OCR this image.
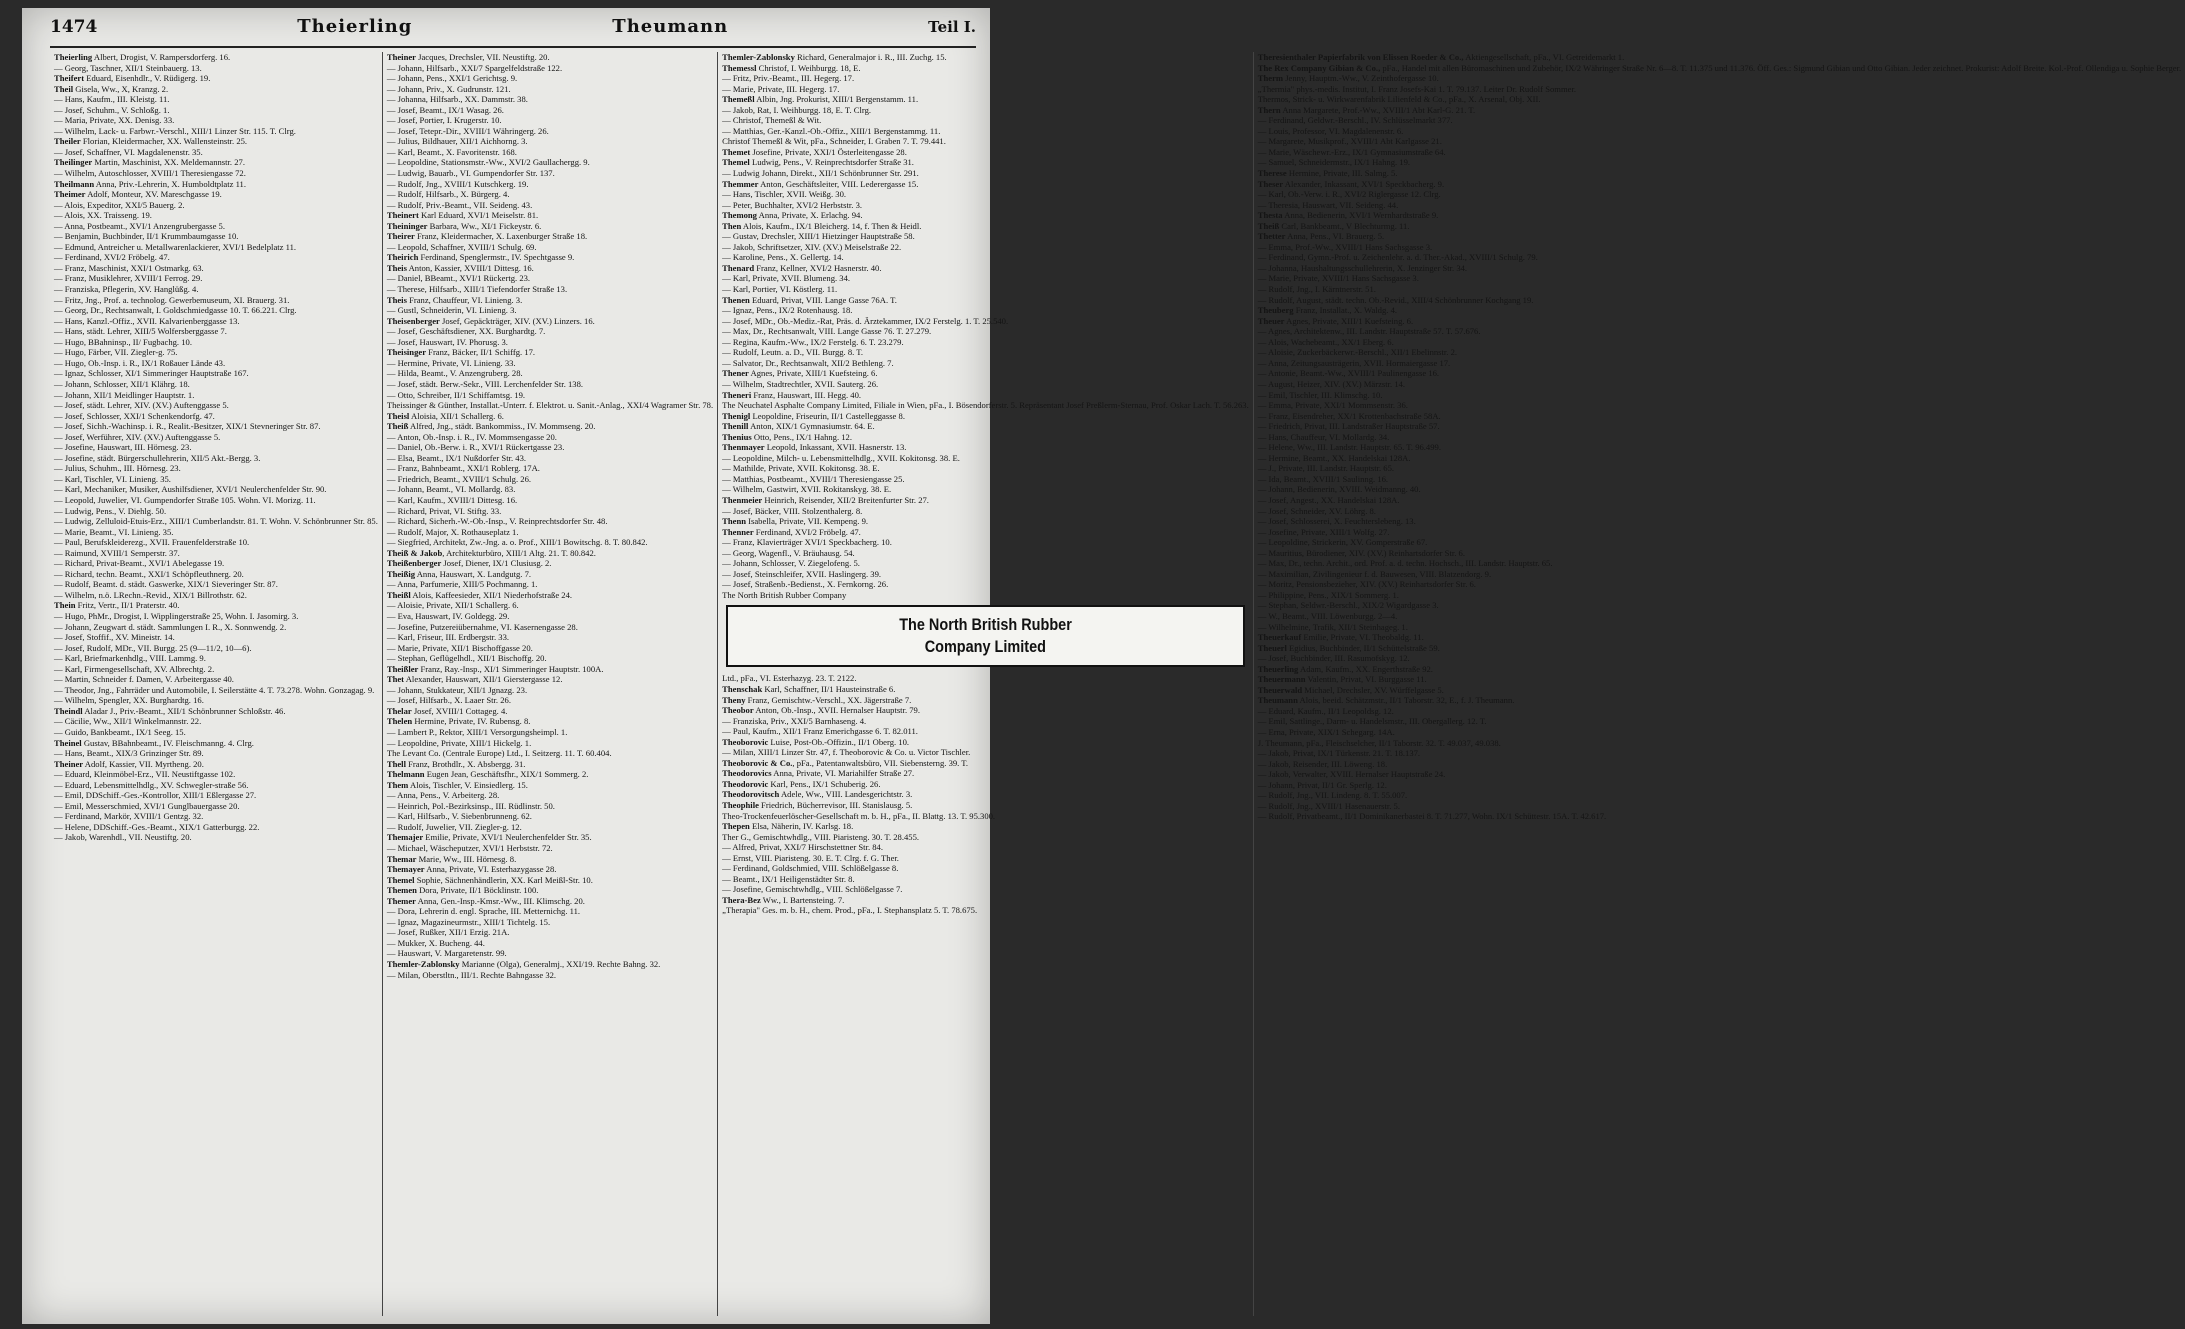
1474	Theierling	Theumann	Teil I.
Theierling Albert, Drogist, V. Rampersdorferg. 16.
— Georg, Taschner, XII/1 Steinbauerg. 13.
Theifert Eduard, Eisenhdlr., V. Rüdigerg. 19.
Theil Gisela, Ww., X, Kranzg. 2.
— Hans, Kaufm., III. Kleistg. 11.
— Josef, Schuhm., V. Schloßg. 1.
— Maria, Private, XX. Denisg. 33.
— Wilhelm, Lack- u. Farbwr.-Verschl., XIII/1 Linzer Str. 115. T. Clrg.
Theiler Florian, Kleidermacher, XX. Wallensteinstr. 25.
— Josef, Schaffner, VI. Magdalenenstr. 35.
Theilinger Martin, Maschinist, XX. Meldemannstr. 27.
— Wilhelm, Autoschlosser, XVIII/1 Theresiengasse 72.
Theilmann Anna, Priv.-Lehrerin, X. Humboldtplatz 11.
Theimer Adolf, Monteur, XV. Mareschgasse 19.
— Alois, Expeditor, XXI/5 Bauerg. 2.
— Alois, XX. Traisseng. 19.
— Anna, Postbeamt., XVI/1 Anzengrubergasse 5.
— Benjamin, Buchbinder, II/1 Krummbaumgasse 10.
— Edmund, Antreicher u. Metallwarenlackierer, XVI/1 Bedelplatz 11.
— Ferdinand, XVI/2 Fröbelg. 47.
— Franz, Maschinist, XXI/1 Ostmarkg. 63.
— Franz, Musiklehrer, XVIII/1 Ferrog. 29.
— Franziska, Pflegerin, XV. Hanglüßg. 4.
— Fritz, Jng., Prof. a. technolog. Gewerbemuseum, XI. Brauerg. 31.
— Georg, Dr., Rechtsanwalt, I. Goldschmiedgasse 10. T. 66.221. Clrg.
— Hans, Kanzl.-Offiz., XVII. Kalvarienberggasse 13.
— Hans, städt. Lehrer, XIII/5 Wolfersberggasse 7.
— Hugo, BBahninsp., II/ Fugbachg. 10.
— Hugo, Färber, VII. Ziegler-g. 75.
— Hugo, Ob.-Insp. i. R., IX/1 Roßauer Lände 43.
— Ignaz, Schlosser, XI/1 Simmeringer Hauptstraße 167.
— Johann, Schlosser, XII/1 Klährg. 18.
— Johann, XII/1 Meidlinger Hauptstr. 1.
— Josef, städt. Lehrer, XIV. (XV.) Auftenggasse 5.
— Josef, Schlosser, XXI/1 Schenkendorfg. 47.
— Josef, Sichh.-Wachinsp. i. R., Realit.-Besitzer, XIX/1 Stevneringer Str. 87.
— Josef, Werführer, XIV. (XV.) Auftenggasse 5.
— Josefine, Hauswart, III. Hörnesg. 23.
— Josefine, städt. Bürgerschullehrerin, XII/5 Akt.-Bergg. 3.
— Julius, Schuhm., III. Hörnesg. 23.
— Karl, Tischler, VI. Linieng. 35.
— Karl, Mechaniker, Musiker, Aushilfsdiener, XVI/1 Neulerchenfelder Str. 90.
— Leopold, Juwelier, VI. Gumpendorfer Straße 105. Wohn. VI. Morizg. 11.
— Ludwig, Pens., V. Diehlg. 50.
— Ludwig, Zelluloid-Etuis-Erz., XIII/1 Cumberlandstr. 81. T. Wohn. V. Schönbrunner Str. 85.
— Marie, Beamt., VI. Linieng. 35.
— Paul, Berufskleiderezg., XVII. Frauenfelderstraße 10.
— Raimund, XVIII/1 Semperstr. 37.
— Richard, Privat-Beamt., XVI/1 Abelegasse 19.
— Richard, techn. Beamt., XXI/1 Schöpfleuthnerg. 20.
— Rudolf, Beamt. d. städt. Gaswerke, XIX/1 Sieveringer Str. 87.
— Wilhelm, n.ö. LRechn.-Revid., XIX/1 Billrothstr. 62.
Thein Fritz, Vertr., II/1 Praterstr. 40.
— Hugo, PhMr., Drogist, I. Wipplingerstraße 25, Wohn. I. Jasomirg. 3.
— Johann, Zeugwart d. städt. Sammlungen I. R., X. Sonnwendg. 2.
— Josef, Stoffif., XV. Mineistr. 14.
— Josef, Rudolf, MDr., VII. Burgg. 25 (9—11/2, 10—6).
— Karl, Briefmarkenhdlg., VIII. Lammg. 9.
— Karl, Firmengesellschaft, XV. Albrechtg. 2.
— Martin, Schneider f. Damen, V. Arbeitergasse 40.
— Theodor, Jng., Fahrräder und Automobile, I. Seilerstätte 4. T. 73.278. Wohn. Gonzagag. 9.
— Wilhelm, Spengler, XX. Burghardtg. 16.
Theindl Aladar J., Priv.-Beamt., XII/1 Schönbrunner Schloßstr. 46.
— Cäcilie, Ww., XII/1 Winkelmannstr. 22.
— Guido, Bankbeamt., IX/1 Seeg. 15.
Theinel Gustav, BBahnbeamt., IV. Fleischmanng. 4. Clrg.
— Hans, Beamt., XIX/3 Grinzinger Str. 89.
Theiner Adolf, Kassier, VII. Myrtheng. 20.
— Eduard, Kleinmöbel-Erz., VII. Neustiftgasse 102.
— Eduard, Lebensmittelhdlg., XV. Schwegler-straße 56.
— Emil, DDSchiff.-Ges.-Kontrollor, XIII/1 Eßlergasse 27.
— Emil, Messerschmied, XVI/1 Gunglbauergasse 20.
— Ferdinand, Markör, XVIII/1 Gentzg. 32.
— Helene, DDSchiff.-Ges.-Beamt., XIX/1 Gatterburgg. 22.
— Jakob, Warenhdl., VII. Neustiftg. 20.
Theiner Jacques, Drechsler, VII. Neustiftg. 20.
— Johann, Hilfsarb., XXI/7 Spargelfeldstraße 122.
— Johann, Pens., XXI/1 Gerichtsg. 9.
— Johann, Priv., X. Gudrunstr. 121.
— Johanna, Hilfsarb., XX. Dammstr. 38.
— Josef, Beamt., IX/1 Wasag. 26.
— Josef, Portier, I. Krugerstr. 10.
— Josef, Tetepr.-Dir., XVIII/1 Währingerg. 26.
— Julius, Bildhauer, XII/1 Aichhorng. 3.
— Karl, Beamt., X. Favoritenstr. 168.
— Leopoldine, Stationsmstr.-Ww., XVI/2 Gaullachergg. 9.
— Ludwig, Bauarb., VI. Gumpendorfer Str. 137.
— Rudolf, Jng., XVIII/1 Kutschkerg. 19.
— Rudolf, Hilfsarb., X. Bürgerg. 4.
— Rudolf, Priv.-Beamt., VII. Seideng. 43.
Theinert Karl Eduard, XVI/1 Meiselstr. 81.
Theininger Barbara, Ww., XI/1 Fickeystr. 6.
Theirer Franz, Kleidermacher, X. Laxenburger Straße 18.
— Leopold, Schaffner, XVIII/1 Schulg. 69.
Theirich Ferdinand, Spenglermstr., IV. Spechtgasse 9.
Theis Anton, Kassier, XVIII/1 Dittesg. 16.
— Daniel, BBeamt., XVI/1 Rückertg. 23.
— Therese, Hilfsarb., XIII/1 Tiefendorfer Straße 13.
Theis Franz, Chauffeur, VI. Linieng. 3.
— Gustl, Schneiderin, VI. Linieng. 3.
Theisenberger Josef, Gepäckträger, XIV. (XV.) Linzers. 16.
— Josef, Geschäftsdiener, XX. Burghardtg. 7.
— Josef, Hauswart, IV. Phorusg. 3.
Theisinger Franz, Bäcker, II/1 Schiffg. 17.
— Hermine, Private, VI. Linieng. 33.
— Hilda, Beamt., V. Anzengruberg. 28.
— Josef, städt. Berw.-Sekr., VIII. Lerchenfelder Str. 138.
— Otto, Schreiber, II/1 Schiffamtsg. 19.
Theissinger & Günther, Installat.-Unterr. f. Elektrot. u. Sanit.-Anlag., XXI/4 Wagramer Str. 78.
Theisl Aloisia, XII/1 Schallerg. 6.
Theiß Alfred, Jng., städt. Bankommiss., IV. Mommseng. 20.
— Anton, Ob.-Insp. i. R., IV. Mommsengasse 20.
— Daniel, Ob.-Berw. i. R., XVI/1 Rückertgasse 23.
— Elsa, Beamt., IX/1 Nußdorfer Str. 43.
— Franz, Bahnbeamt., XXI/1 Roblerg. 17A.
— Friedrich, Beamt., XVIII/1 Schulg. 26.
— Johann, Beamt., VI. Mollardg. 83.
— Karl, Kaufm., XVIII/1 Dittesg. 16.
— Richard, Privat, VI. Stiftg. 33.
— Richard, Sicherh.-W.-Ob.-Insp., V. Reinprechtsdorfer Str. 48.
— Rudolf, Major, X. Rothauseplatz 1.
— Siegfried, Architekt, Zw.-Jng. a. o. Prof., XIII/1 Bowitschg. 8. T. 80.842.
Theiß & Jakob, Architekturbüro, XIII/1 Altg. 21. T. 80.842.
Theißenberger Josef, Diener, IX/1 Clusiusg. 2.
Theißig Anna, Hauswart, X. Landgutg. 7.
— Anna, Parfumerie, XIII/5 Pochmanng. 1.
Theißl Alois, Kaffeesieder, XII/1 Niederhofstraße 24.
— Aloisie, Private, XII/1 Schallerg. 6.
— Eva, Hauswart, IV. Goldegg. 29.
— Josefine, Putzereiübernahme, VI. Kasernengasse 28.
— Karl, Friseur, III. Erdbergstr. 33.
— Marie, Private, XII/1 Bischoffgasse 20.
— Stephan, Geflügelhdl., XII/1 Bischoffg. 20.
Theißler Franz, Ray.-Insp., XI/1 Simmeringer Hauptstr. 100A.
Thet Alexander, Hauswart, XII/1 Gierstergasse 12.
— Johann, Stukkateur, XII/1 Jgnazg. 23.
— Josef, Hilfsarb., X. Laaer Str. 26.
Thelar Josef, XVIII/1 Cottageg. 4.
Thelen Hermine, Private, IV. Rubensg. 8.
— Lambert P., Rektor, XIII/1 Versorgungsheimpl. 1.
— Leopoldine, Private, XIII/1 Hickelg. 1.
The Levant Co. (Centrale Europe) Ltd., I. Seitzerg. 11. T. 60.404.
Thell Franz, Brothdlr., X. Absbergg. 31.
Thelmann Eugen Jean, Geschäftsfhr., XIX/1 Sommerg. 2.
Them Alois, Tischler, V. Einsiedlerg. 15.
— Anna, Pens., V. Arbeiterg. 28.
— Heinrich, Pol.-Bezirksinsp., III. Rüdlinstr. 50.
— Karl, Hilfsarb., V. Siebenbrunneng. 62.
— Rudolf, Juwelier, VII. Ziegler-g. 12.
Themajer Emilie, Private, XVI/1 Neulerchenfelder Str. 35.
— Michael, Wäscheputzer, XVI/1 Herbststr. 72.
Themar Marie, Ww., III. Hörnesg. 8.
Themayer Anna, Private, VI. Esterhazygasse 28.
Themel Sophie, Sächnenhändlerin, XX. Karl Meißl-Str. 10.
Themen Dora, Private, II/1 Böcklinstr. 100.
Themer Anna, Gen.-Insp.-Kmsr.-Ww., III. Klimschg. 20.
— Dora, Lehrerin d. engl. Sprache, III. Metternichg. 11.
— Ignaz, Magazineurmstr., XIII/1 Tichtelg. 15.
— Josef, Rußker, XII/1 Erzig. 21A.
— Mukker, X. Bucheng. 44.
— Hauswart, V. Margaretenstr. 99.
Themler-Zablonsky Marianne (Olga), Generalmj., XXI/19. Rechte Bahng. 32.
— Milan, Oberstltn., III/1. Rechte Bahngasse 32.
Themler-Zablonsky Richard, Generalmajor i. R., III. Zuchg. 15.
Themessl Christof, I. Weihburgg. 18, E.
— Fritz, Priv.-Beamt., III. Hegerg. 17.
— Marie, Private, III. Hegerg. 17.
Themeßl Albin, Jng. Prokurist, XIII/1 Bergenstamm. 11.
— Jakob, Rat, I. Weihburgg. 18, E. T. Clrg.
— Christof, Themeßl & Wit.
— Matthias, Ger.-Kanzl.-Ob.-Offiz., XIII/1 Bergenstammg. 11.
Christof Themeßl & Wit, pFa., Schneider, I. Graben 7. T. 79.441.
Themet Josefine, Private, XXI/1 Österleitengasse 28.
Themel Ludwig, Pens., V. Reinprechtsdorfer Straße 31.
— Ludwig Johann, Direkt., XII/1 Schönbrunner Str. 291.
Themmer Anton, Geschäftsleiter, VIII. Lederergasse 15.
— Hans, Tischler, XVII. Weißg. 30.
— Peter, Buchhalter, XVI/2 Herbststr. 3.
Themong Anna, Private, X. Erlachg. 94.
Then Alois, Kaufm., IX/1 Bleicherg. 14, f. Then & Heidl.
— Gustav, Drechsler, XIII/1 Hietzinger Hauptstraße 58.
— Jakob, Schriftsetzer, XIV. (XV.) Meiselstraße 22.
— Karoline, Pens., X. Gellertg. 14.
Thenard Franz, Kellner, XVI/2 Hasnerstr. 40.
— Karl, Private, XVII. Blumeng. 34.
— Karl, Portier, VI. Köstlerg. 11.
Thenen Eduard, Privat, VIII. Lange Gasse 76A. T.
— Ignaz, Pens., IX/2 Rotenhausg. 18.
— Josef, MDr., Ob.-Mediz.-Rat, Präs. d. Ärztekammer, IX/2 Ferstelg. 1. T. 25.540.
— Max, Dr., Rechtsanwalt, VIII. Lange Gasse 76. T. 27.279.
— Regina, Kaufm.-Ww., IX/2 Ferstelg. 6. T. 23.279.
— Rudolf, Leutn. a. D., VII. Burgg. 8. T.
— Salvator, Dr., Rechtsanwalt, XII/2 Bethleng. 7.
Thener Agnes, Private, XIII/1 Kuefsteing. 6.
— Wilhelm, Stadtrechtler, XVII. Sauterg. 26.
Theneri Franz, Hauswart, III. Hegg. 40.
The Neuchatel Asphalte Company Limited, Filiale in Wien, pFa., I. Bösendorferstr. 5. Repräsentant Josef Preßlerm-Sternau, Prof. Oskar Lach. T. 56.263.
Thenigl Leopoldine, Friseurin, II/1 Castelleggasse 8.
Thenill Anton, XIX/1 Gymnasiumstr. 64. E.
Thenius Otto, Pens., IX/1 Hahng. 12.
Thenmayer Leopold, Inkassant, XVII. Hasnerstr. 13.
— Leopoldine, Milch- u. Lebensmittelhdlg., XVII. Kokitonsg. 38. E.
— Mathilde, Private, XVII. Kokitonsg. 38. E.
— Matthias, Postbeamt., XVIII/1 Theresiengasse 25.
— Wilhelm, Gastwirt, XVII. Rokitanskyg. 38. E.
Thenmeier Heinrich, Reisender, XII/2 Breitenfurter Str. 27.
— Josef, Bäcker, VIII. Stolzenthalerg. 8.
Thenn Isabella, Private, VII. Kempeng. 9.
Thenner Ferdinand, XVI/2 Fröbelg. 47.
— Franz, Klavierträger XVI/1 Speckbacherg. 10.
— Georg, Wagenfl., V. Bräuhausg. 54.
— Johann, Schlosser, V. Ziegelofeng. 5.
— Josef, Steinschleifer, XVII. Haslingerg. 39.
— Josef, Straßenb.-Bedienst., X. Fernkorng. 26.
The North British Rubber Company
The North British Rubber
Company Limited
Ltd., pFa., VI. Esterhazyg. 23. T. 2122.
Thenschak Karl, Schaffner, II/1 Hausteinstraße 6.
Theny Franz, Gemischtw.-Verschl., XX. Jägerstraße 7.
Theobor Anton, Ob.-Insp., XVII. Hernalser Hauptstr. 79.
— Franziska, Priv., XXI/5 Barnhaseng. 4.
— Paul, Kaufm., XII/1 Franz Emerichgasse 6. T. 82.011.
Theoborovic Luise, Post-Ob.-Offizin., II/1 Oberg. 10.
— Milan, XIII/1 Linzer Str. 47, f. Theoborovic & Co. u. Victor Tischler.
Theoborovic & Co., pFa., Patentanwaltsbüro, VII. Siebensterng. 39. T.
Theodorovics Anna, Private, VI. Mariahilfer Straße 27.
Theodorovic Karl, Pens., IX/1 Schuberig. 26.
Theodorovitsch Adele, Ww., VIII. Landesgerichtstr. 3.
Theophile Friedrich, Bücherrevisor, III. Stanislausg. 5.
Theo-Trockenfeuerlöscher-Gesellschaft m. b. H., pFa., II. Blattg. 13. T. 95.300.
Thepen Elsa, Näherin, IV. Karlsg. 18.
Ther G., Gemischtwhdlg., VIII. Piaristeng. 30. T. 28.455.
— Alfred, Privat, XXI/7 Hirschstettner Str. 84.
— Ernst, VIII. Piaristeng. 30. E. T. Clrg. f. G. Ther.
— Ferdinand, Goldschmied, VIII. Schlößelgasse 8.
— Beamt., IX/1 Heiligenstädter Str. 8.
— Josefine, Gemischtwhdlg., VIII. Schlößelgasse 7.
Thera-Bez Ww., I. Bartensteing. 7.
„Therapia" Ges. m. b. H., chem. Prod., pFa., I. Stephansplatz 5. T. 78.675.
Theresienthaler Papierfabrik von Elissen Roeder & Co., Aktiengesellschaft, pFa., VI. Getreidemarkt 1.
The Rex Company Gibian & Co., pFa., Handel mit allen Büromaschinen und Zubehör, IX/2 Währinger Straße Nr. 6—8. T. 11.375 und 11.376. Öff. Ges.: Sigmund Gibian und Otto Gibian. Jeder zeichnet. Prokurist: Adolf Breite. Kol.-Prof. Ollendiga u. Sophie Berger.
Therm Jenny, Hauptm.-Ww., V. Zeinthofergasse 10.
„Thermia" phys.-medis. Institut, I. Franz Josefs-Kai 1. T. 79.137. Leiter Dr. Rudolf Sommer.
Thermos, Strick- u. Wirkwarenfabrik Lilienfeld & Co., pFa., X. Arsenal, Obj. XII.
Thern Anna Margarete, Prof.-Ww., XVIII/1 Abt Karl-G. 21. T.
— Ferdinand, Geldwr.-Berschl., IV. Schlüsselmarkt 377.
— Louis, Professor, VI. Magdalenenstr. 6.
— Margarete, Musikprof., XVIII/1 Abt Karlgasse 21.
— Marie, Wäschewr.-Erz., IX/1 Gymnasiumstraße 64.
— Samuel, Schneidermstr., IX/1 Hahng. 19.
Therese Hermine, Private, III. Salmg. 5.
Theser Alexander, Inkassant, XVI/1 Speckbacherg. 9.
— Karl, Ob.-Verw. i. R., XVI/2 Riglergasse 12. Clrg.
— Theresia, Hauswart, VII. Seideng. 44.
Thesta Anna, Bedienerin, XVI/1 Wernhardtstraße 9.
Theiß Carl, Bankbeamt., V Blechturmg. 11.
Thetter Anna, Pens., VI. Brauerg. 5.
— Emma, Prof.-Ww., XVIII/1 Hans Sachsgasse 3.
— Ferdinand, Gymn.-Prof. u. Zeichenlehr. a. d. Ther.-Akad., XVIII/1 Schulg. 79.
— Johanna, Haushaltungsschullehrerin, X. Jenzinger Str. 34.
— Marie, Private, XVIII/1 Hans Sachsgasse 3.
— Rudolf, Jng., I. Kärntnerstr. 51.
— Rudolf, August, städt. techn. Ob.-Revid., XIII/4 Schönbrunner Kochgang 19.
Theuberg Franz, Installat., X. Waldg. 4.
Theuer Agnes, Private, XIII/1 Kuefsteing. 6.
— Agnes, Architektenw., III. Landstr. Hauptstraße 57. T. 57.676.
— Alois, Wachebeamt., XX/1 Eberg. 6.
— Aloisie, Zuckerbäckerwr.-Berschl., XII/1 Ebelinnstr. 2.
— Anna, Zeitungsausträgerin, XVII. Hormaiergasse 17.
— Antonie, Beamt.-Ww., XVIII/1 Paulinengasse 16.
— August, Heizer, XIV. (XV.) Märzstr. 14.
— Emil, Tischler, III. Klimschg. 10.
— Emma, Private, XXI/1 Mommsenstr. 36.
— Franz, Eisendreher, XX/1 Krottenbachstraße 58A.
— Friedrich, Privat, III. Landstraßer Hauptstraße 57.
— Hans, Chauffeur, VI. Mollardg. 34.
— Helene, Ww., III. Landstr. Hauptstr. 65. T. 96.499.
— Hermine, Beamt., XX. Handelskai 128A.
— J., Private, III. Landstr. Hauptstr. 65.
— Ida, Beamt., XVIII/1 Saulinng. 16.
— Johann, Bedienerin, XVIII. Weidmanng. 40.
— Josef, Angest., XX. Handelskai 128A.
— Josef, Schneider, XV. Löhrg. 8.
— Josef, Schlosserei, X. Feuchterslebeng. 13.
— Josefine, Private, XIII/1 Wolfg. 27.
— Leopoldine, Strickerin, XV. Gomperstraße 67.
— Mauritius, Bürodiener, XIV. (XV.) Reinhartsdorfer Str. 6.
— Max, Dr., techn. Archit., ord. Prof. a. d. techn. Hochsch., III. Landstr. Hauptstr. 65.
— Maximilian, Zivilingenieur f. d. Bauwesen, VIII. Blatzendorg. 9.
— Moritz, Pensionsbezieher, XIV. (XV.) Reinhartsdorfer Str. 6.
— Philippine, Pens., XIX/1 Sommerg. 1.
— Stephan, Seldwr.-Berschl., XIX/2 Wigardgasse 3.
— W., Beamt., VIII. Löwenburgg. 2—4.
— Wilhelmine, Trafik, XII/1 Steinhageg. 1.
Theuerkauf Emilie, Private, VI. Theobaldg. 11.
Theuerl Egidius, Buchbinder, II/1 Schüttelstraße 59.
— Josef, Buchbinder, III. Rasumofskyg. 12.
Theuerling Adam, Kaufm., XX. Engerthstraße 92.
Theuermann Valentin, Privat, VI. Burggasse 11.
Theuerwald Michael, Drechsler, XV. Würffelgasse 5.
Theumann Alois, beeid. Schätzmstr., II/1 Taborstr. 32, E., f. J. Theumann.
— Eduard, Kaufm., II/1 Leopoldsg. 12.
— Emil, Sattlinge., Darm- u. Handelsmstr., III. Obergallerg. 12. T.
— Erna, Private, XIX/1 Schegarg. 14A.
J. Theumann, pFa., Fleischselcher, II/1 Taborstr. 32. T. 49.037, 49.038.
— Jakob, Privat, IX/1 Türkenstr. 21. T. 18.137.
— Jakob, Reisender, III. Löweng. 18.
— Jakob, Verwalter, XVIII. Hernalser Hauptstraße 24.
— Johann, Privat, II/1 Gr. Sperlg. 12.
— Rudolf, Jng., VII. Lindeng. 8. T. 55.007.
— Rudolf, Jng., XVIII/1 Hasenauerstr. 5.
— Rudolf, Privatbeamt., II/1 Dominikanerbastei 8. T. 71.277, Wohn. IX/1 Schüttestr. 15A. T. 42.617.
